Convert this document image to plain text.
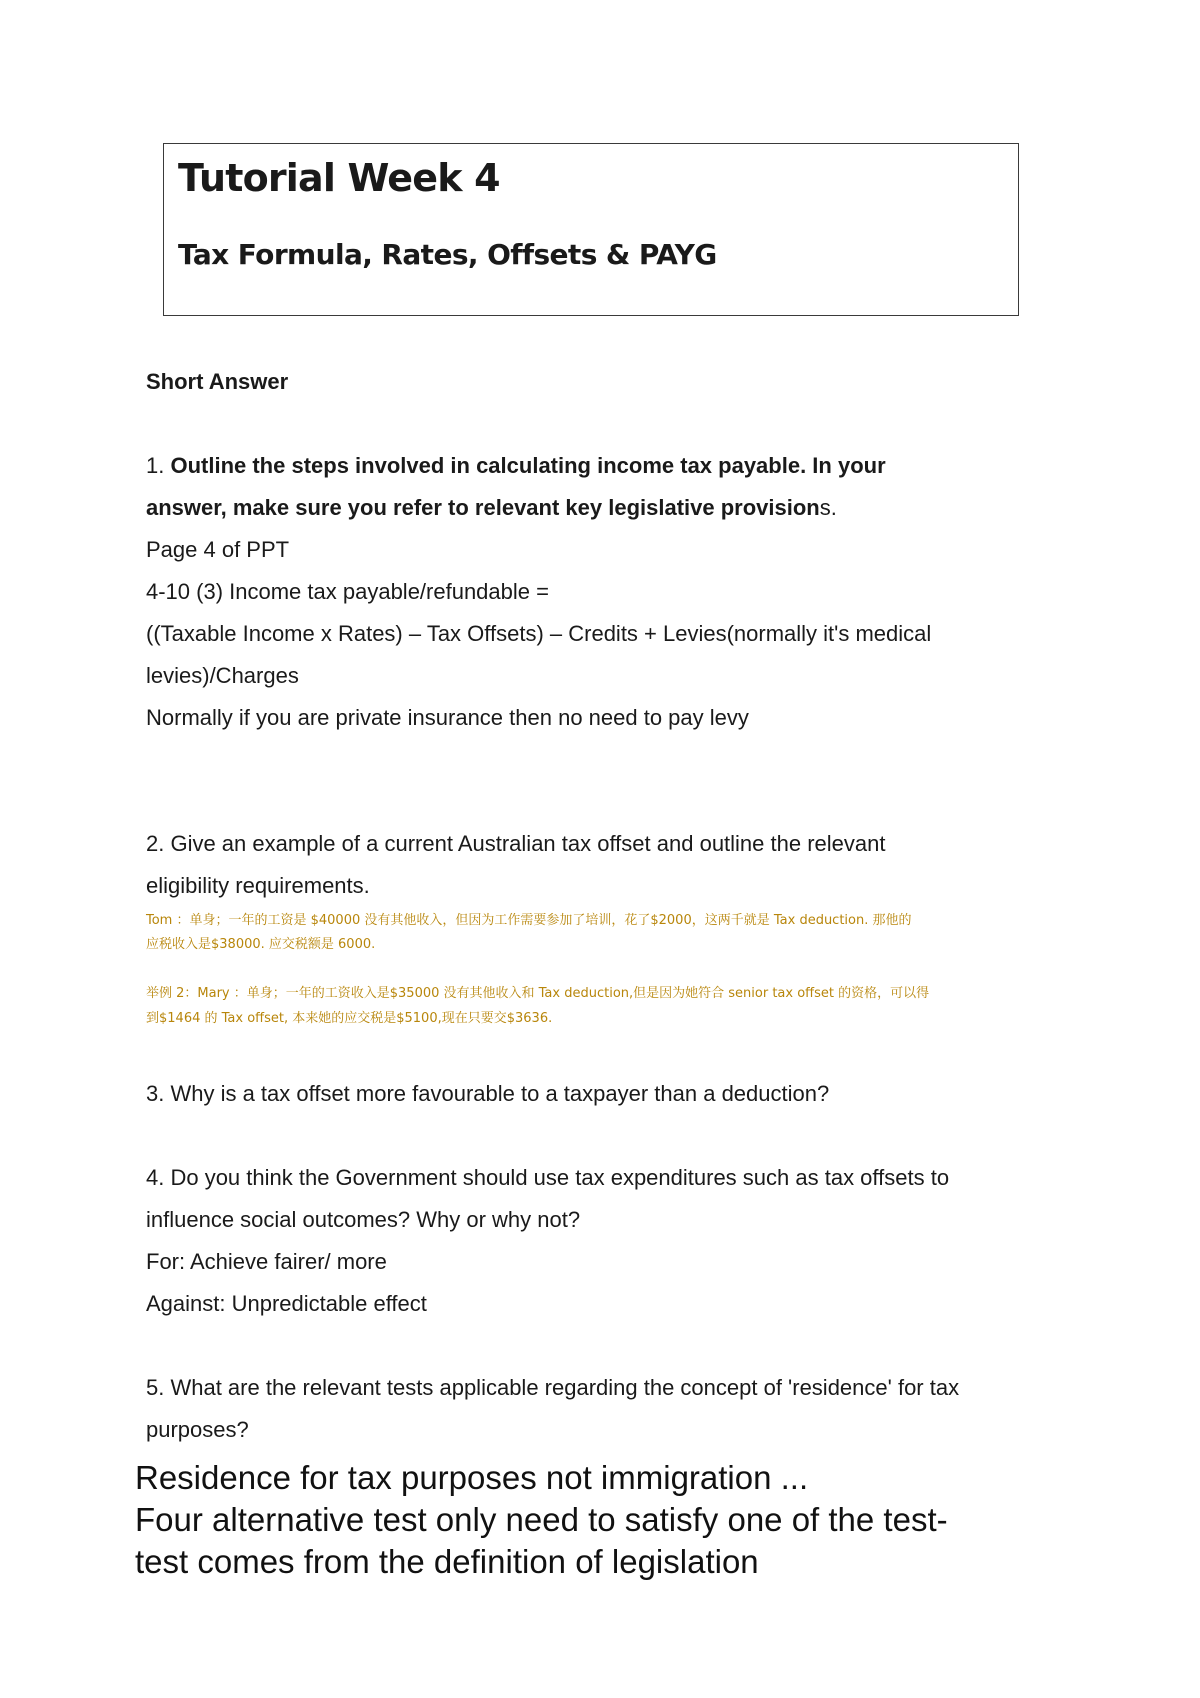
Tutorial Week 4
Tax Formula, Rates, Offsets & PAYG
Short Answer
1. Outline the steps involved in calculating income tax payable. In your
answer, make sure you refer to relevant key legislative provisions.
Page 4 of PPT
4-10 (3) Income tax payable/refundable =
((Taxable Income x Rates) – Tax Offsets) – Credits + Levies(normally it's medical
levies)/Charges
Normally if you are private insurance then no need to pay levy
2. Give an example of a current Australian tax offset and outline the relevant
eligibility requirements.
Tom ：单身；一年的工资是 $40000 没有其他收入，但因为工作需要参加了培训，花了$2000，这两千就是 Tax deduction. 那他的
应税收入是$38000. 应交税额是 6000.
举例 2：Mary ：单身；一年的工资收入是$35000 没有其他收入和 Tax deduction,但是因为她符合 senior tax offset 的资格，可以得
到$1464 的 Tax offset, 本来她的应交税是$5100,现在只要交$3636.
3. Why is a tax offset more favourable to a taxpayer than a deduction?
4. Do you think the Government should use tax expenditures such as tax offsets to
influence social outcomes? Why or why not?
For: Achieve fairer/ more
Against: Unpredictable effect
5. What are the relevant tests applicable regarding the concept of 'residence' for tax
purposes?
Residence for tax purposes not immigration ...
Four alternative test only need to satisfy one of the test-
test comes from the definition of legislation
